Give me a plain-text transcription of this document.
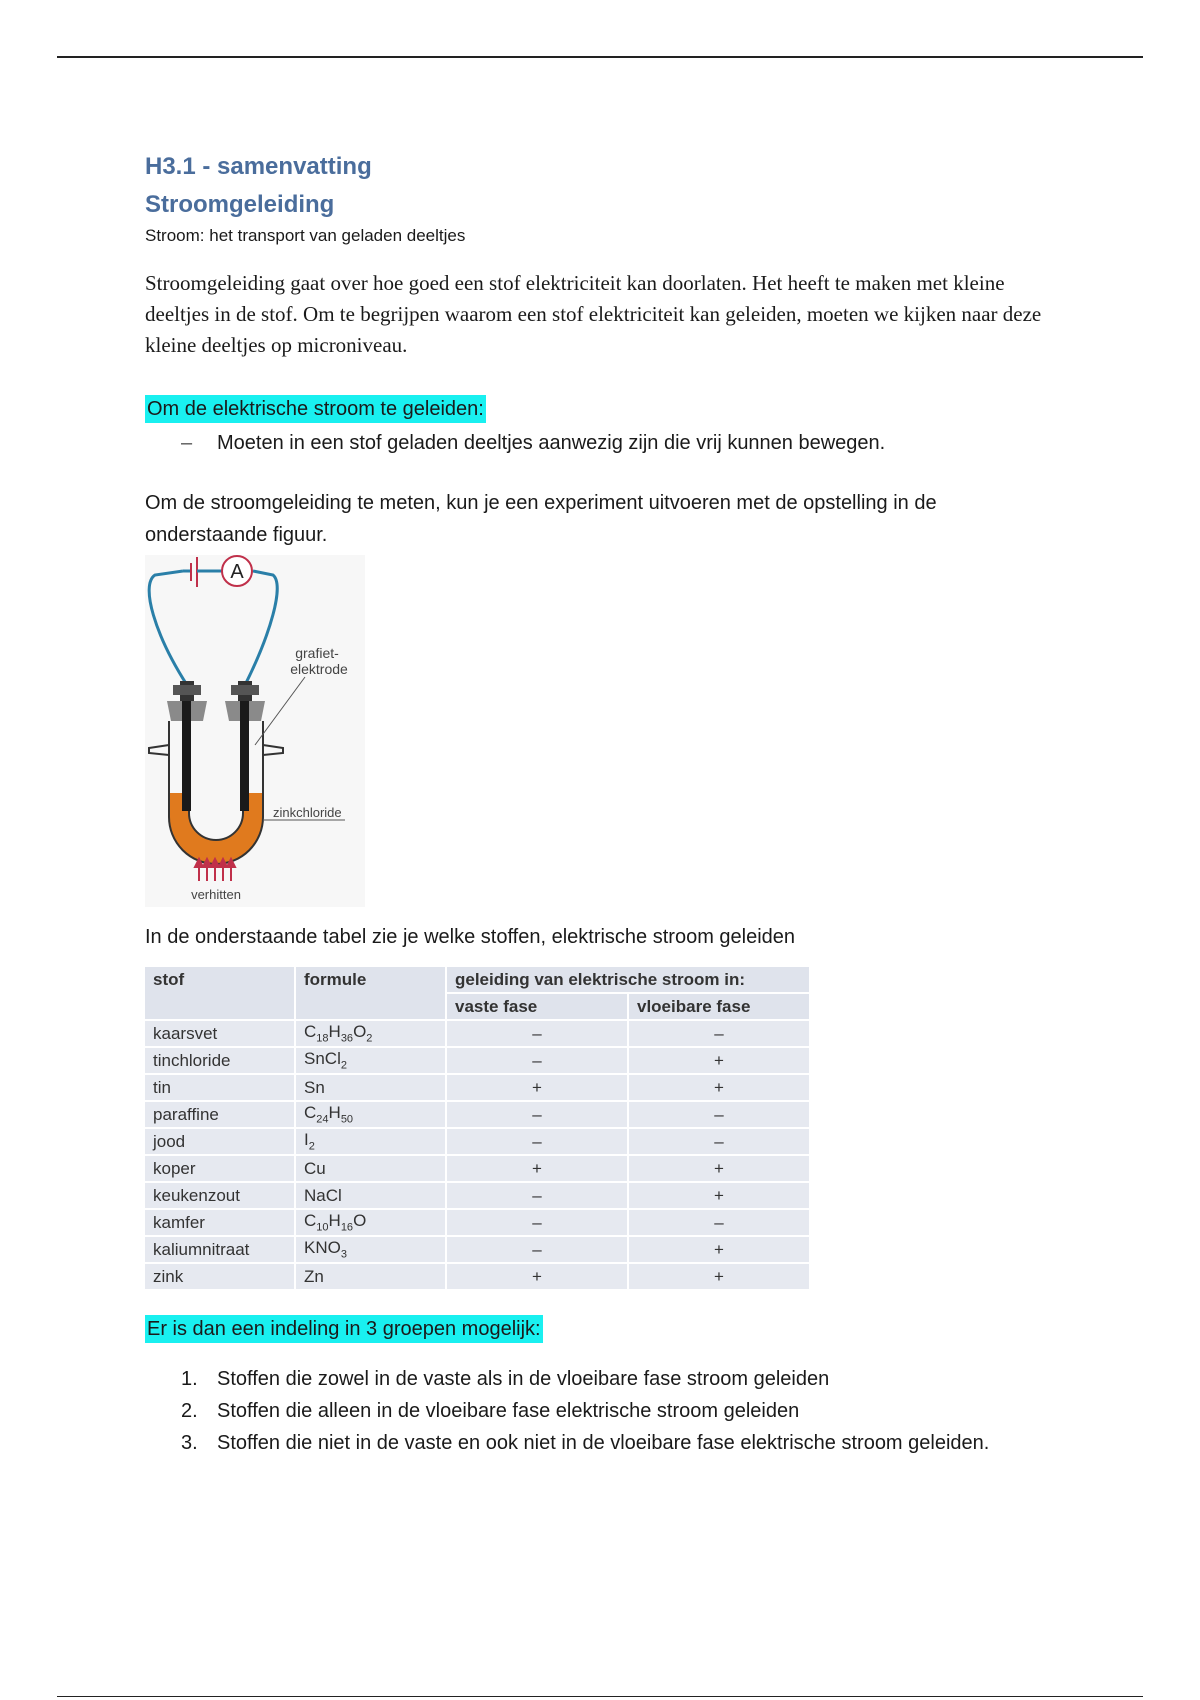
H3.1 - samenvatting
Stroomgeleiding

Stroom: het transport van geladen deeltjes

Stroomgeleiding gaat over hoe goed een stof elektriciteit kan doorlaten. Het heeft te maken met kleine deeltjes in de stof. Om te begrijpen waarom een stof elektriciteit kan geleiden, moeten we kijken naar deze kleine deeltjes op microniveau.

Om de elektrische stroom te geleiden:
–	Moeten in een stof geladen deeltjes aanwezig zijn die vrij kunnen bewegen.

Om de stroomgeleiding te meten, kun je een experiment uitvoeren met de opstelling in de onderstaande figuur.

A
grafiet-
elektrode
zinkchloride
verhitten

In de onderstaande tabel zie je welke stoffen, elektrische stroom geleiden

stof	formule	geleiding van elektrische stroom in:	
		vaste fase	vloeibare fase
kaarsvet	$C_{18}H_{36}O_2$	–	–
tinchloride	SnCl$_2$	–	+
tin	Sn	+	+
paraffine	$C_{24}H_{50}$	–	–
jood	$I_2$	–	–
koper	Cu	+	+
keukenzout	NaCl	–	+
kamfer	$C_{10}H_{16}O$	–	–
kaliumnitraat	$KNO_3$	–	+
zink	Zn	+	+
Er is dan een indeling in 3 groepen mogelijk:
1. Stoffen die zowel in de vaste als in de vloeibare fase stroom geleiden
2. Stoffen die alleen in de vloeibare fase elektrische stroom geleiden
3. Stoffen die niet in de vaste en ook niet in de vloeibare fase elektrische stroom geleiden.
